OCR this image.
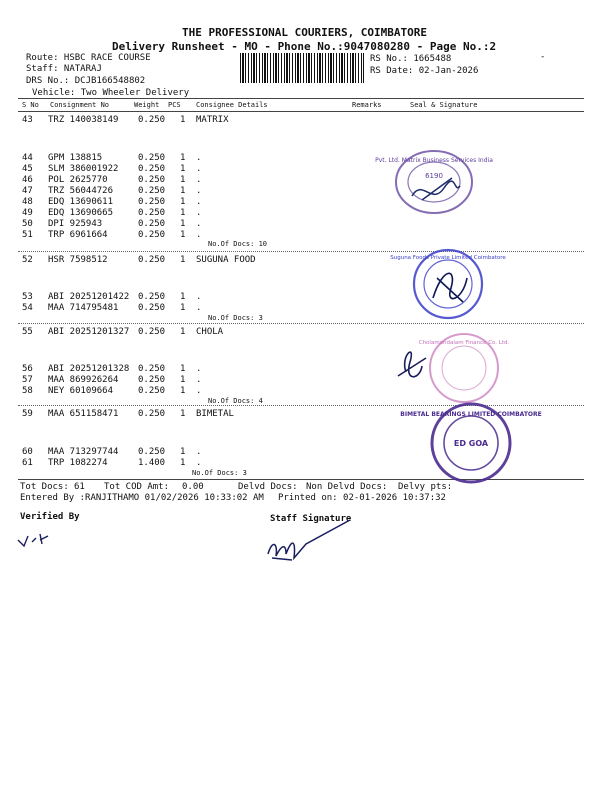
THE PROFESSIONAL COURIERS, COIMBATORE
Delivery Runsheet - MO - Phone No.:9047080280 - Page No.:2
Route: HSBC RACE COURSE
Staff: NATARAJ
DRS No.: DCJB166548802
Vehicle: Two Wheeler Delivery
RS No.: 1665488
RS Date: 02-Jan-2026
-
S No Consignment No	Weight PCS Consignee Details	Remarks	Seal & Signature
43 TRZ 140038149 0.250 1 MATRIX
44 GPM 138815	0.250 1 .
45 SLM 386001922 0.250 1 .
46 POL 2625770	0.250 1 .
47 TRZ 56044726	0.250 1 .
48 EDQ 13690611	0.250 1 .
49 EDQ 13690665	0.250 1 .
50 DPI 925943	0.250 1 .
51 TRP 6961664	0.250 1 .
No.Of Docs: 10
52 HSR 7598512	0.250 1 SUGUNA FOOD
53 ABI 20251201422 0.250 1 .
54 MAA 714795481 0.250 1 .
No.Of Docs: 3
55 ABI 20251201327 0.250 1 CHOLA
56 ABI 20251201328 0.250 1 .
57 MAA 869926264 0.250 1 .
58 NEY 60109664	0.250 1 .
No.Of Docs: 4
59 MAA 651158471 0.250 1 BIMETAL
60 MAA 713297744 0.250 1 .
61 TRP 1082274	1.400 1 .
No.Of Docs: 3
Pvt. Ltd. Matrix Business Services India
6190
Suguna Foods Private Limited Coimbatore
Cholamandalam Finance Co. Ltd.
BIMETAL BEARINGS LIMITED COIMBATORE
ED GOA
Tot Docs: 61 Tot COD Amt: 0.00	Delvd Docs: Non Delvd Docs: Delvy pts:
Entered By :RANJITHAMO 01/02/2026 10:33:02 AM Printed on: 02-01-2026 10:37:32
Verified By	Staff Signature
